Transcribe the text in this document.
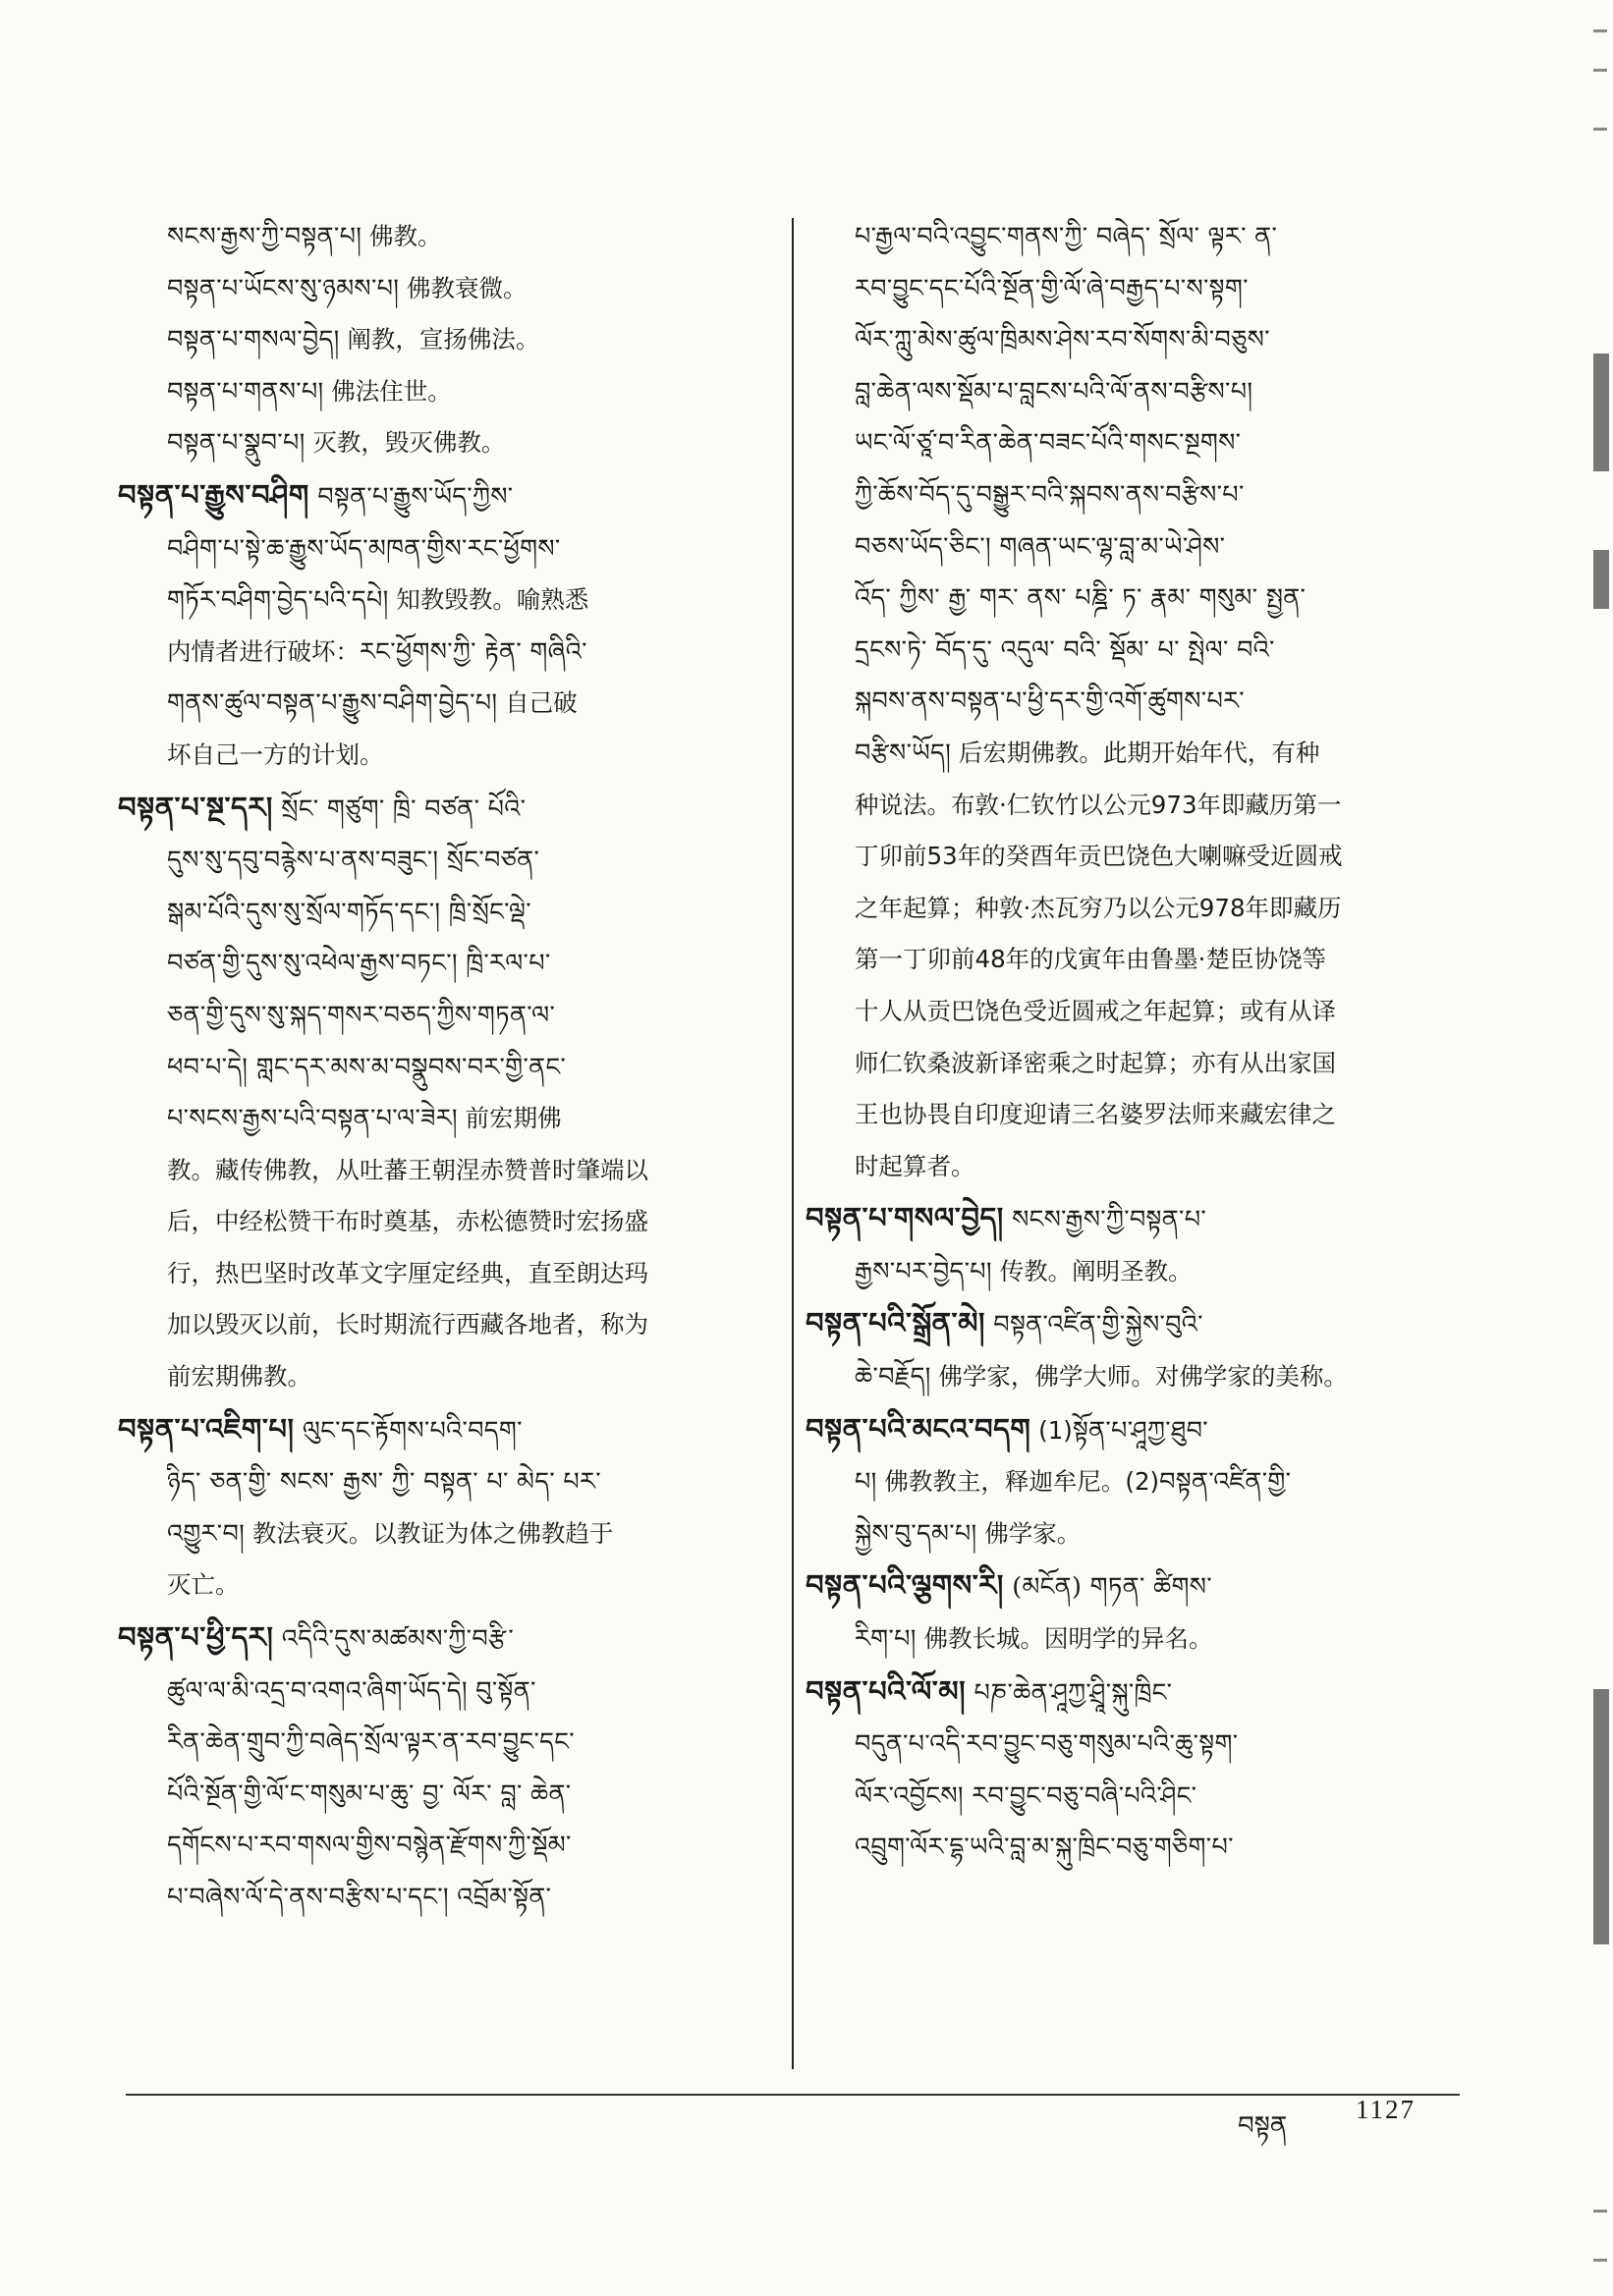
སངས་རྒྱས་ཀྱི་བསྟན་པ། 佛教。
བསྟན་པ་ཡོངས་སུ་ཉམས་པ། 佛教衰微。
བསྟན་པ་གསལ་བྱེད། 阐教，宣扬佛法。
བསྟན་པ་གནས་པ། 佛法住世。
བསྟན་པ་སྣུབ་པ། 灭教，毁灭佛教。
བསྟན་པ་རྒྱུས་བཤིག བསྟན་པ་རྒྱུས་ཡོད་ཀྱིས་
བཤིག་པ་སྟེ་ཆ་རྒྱུས་ཡོད་མཁན་གྱིས་རང་ཕྱོགས་
གཏོར་བཤིག་བྱེད་པའི་དཔེ། 知教毁教。喻熟悉
内情者进行破坏：རང་ཕྱོགས་ཀྱི་ རྟེན་ གཞིའི་
གནས་ཚུལ་བསྟན་པ་རྒྱུས་བཤིག་བྱེད་པ། 自己破
坏自己一方的计划。
བསྟན་པ་སྔ་དར། སྲོང་ གཙུག་ ཁྲི་ བཙན་ པོའི་
དུས་སུ་དབུ་བརྙེས་པ་ནས་བཟུང་། སྲོང་བཙན་
སྒམ་པོའི་དུས་སུ་སྲོལ་གཏོད་དང་། ཁྲི་སྲོང་ལྡེ་
བཙན་གྱི་དུས་སུ་འཕེལ་རྒྱས་བཏང་། ཁྲི་རལ་པ་
ཅན་གྱི་དུས་སུ་སྐད་གསར་བཅད་ཀྱིས་གཏན་ལ་
ཕབ་པ་དེ། གླང་དར་མས་མ་བསྣུབས་བར་གྱི་ནང་
པ་སངས་རྒྱས་པའི་བསྟན་པ་ལ་ཟེར། 前宏期佛
教。藏传佛教，从吐蕃王朝涅赤赞普时肇端以
后，中经松赞干布时奠基，赤松德赞时宏扬盛
行，热巴坚时改革文字厘定经典，直至朗达玛
加以毁灭以前，长时期流行西藏各地者，称为
前宏期佛教。
བསྟན་པ་འཇིག་པ། ལུང་དང་རྟོགས་པའི་བདག་
ཉིད་ ཅན་གྱི་ སངས་ རྒྱས་ ཀྱི་ བསྟན་ པ་ མེད་ པར་
འགྱུར་བ། 教法衰灭。以教证为体之佛教趋于
灭亡。
བསྟན་པ་ཕྱི་དར། འདིའི་དུས་མཚམས་ཀྱི་བརྩི་
ཚུལ་ལ་མི་འདྲ་བ་འགའ་ཞིག་ཡོད་དེ། བུ་སྟོན་
རིན་ཆེན་གྲུབ་ཀྱི་བཞེད་སྲོལ་ལྟར་ན་རབ་བྱུང་དང་
པོའི་སྔོན་གྱི་ལོ་ང་གསུམ་པ་ཆུ་ བྱ་ ལོར་ བླ་ ཆེན་
དགོངས་པ་རབ་གསལ་གྱིས་བསྙེན་རྫོགས་ཀྱི་སྡོམ་
པ་བཞེས་ལོ་དེ་ནས་བརྩིས་པ་དང་། འབྲོམ་སྟོན་
པ་རྒྱལ་བའི་འབྱུང་གནས་ཀྱི་ བཞེད་ སྲོལ་ ལྟར་ ན་
རབ་བྱུང་དང་པོའི་སྔོན་གྱི་ལོ་ཞེ་བརྒྱད་པ་ས་སྟག་
ལོར་ཀླུ་མེས་ཚུལ་ཁྲིམས་ཤེས་རབ་སོགས་མི་བཅུས་
བླ་ཆེན་ལས་སྡོམ་པ་བླངས་པའི་ལོ་ནས་བརྩིས་པ།
ཡང་ལོ་ཙཱ་བ་རིན་ཆེན་བཟང་པོའི་གསང་སྔགས་
ཀྱི་ཆོས་བོད་དུ་བསྒྱུར་བའི་སྐབས་ནས་བརྩིས་པ་
བཅས་ཡོད་ཅིང་། གཞན་ཡང་ལྷ་བླ་མ་ཡེ་ཤེས་
འོད་ ཀྱིས་ རྒྱ་ གར་ ནས་ པཎྜི་ ཏ་ རྣམ་ གསུམ་ སྤྱན་
དྲངས་ཏེ་ བོད་དུ་ འདུལ་ བའི་ སྡོམ་ པ་ སྤེལ་ བའི་
སྐབས་ནས་བསྟན་པ་ཕྱི་དར་གྱི་འགོ་ཚུགས་པར་
བརྩིས་ཡོད། 后宏期佛教。此期开始年代，有种
种说法。布敦·仁钦竹以公元973年即藏历第一
丁卯前53年的癸酉年贡巴饶色大喇嘛受近圆戒
之年起算；种敦·杰瓦穷乃以公元978年即藏历
第一丁卯前48年的戊寅年由鲁墨·楚臣协饶等
十人从贡巴饶色受近圆戒之年起算；或有从译
师仁钦桑波新译密乘之时起算；亦有从出家国
王也协畏自印度迎请三名婆罗法师来藏宏律之
时起算者。
བསྟན་པ་གསལ་བྱེད། སངས་རྒྱས་ཀྱི་བསྟན་པ་
རྒྱས་པར་བྱེད་པ། 传教。阐明圣教。
བསྟན་པའི་སྒྲོན་མེ། བསྟན་འཛིན་གྱི་སྐྱེས་བུའི་
ཆེ་བརྗོད། 佛学家，佛学大师。对佛学家的美称。
བསྟན་པའི་མངའ་བདག (1)སྟོན་པ་ཤཱཀྱ་ཐུབ་
པ། 佛教教主，释迦牟尼。(2)བསྟན་འཛིན་གྱི་
སྐྱེས་བུ་དམ་པ། 佛学家。
བསྟན་པའི་ལྕགས་རི། (མངོན) གཏན་ ཚིགས་
རིག་པ། 佛教长城。因明学的异名。
བསྟན་པའི་ལོ་མ། པཎ་ཆེན་ཤཱཀྱ་ཤྲཱི་སྐུ་ཁྲིང་
བདུན་པ་འདི་རབ་བྱུང་བཅུ་གསུམ་པའི་ཆུ་སྟག་
ལོར་འབྱོངས། རབ་བྱུང་བཅུ་བཞི་པའི་ཤིང་
འབྲུག་ལོར་དྷ་ཡའི་བླ་མ་སྐུ་ཁྲིང་བཅུ་གཅིག་པ་
བསྟན
1127
